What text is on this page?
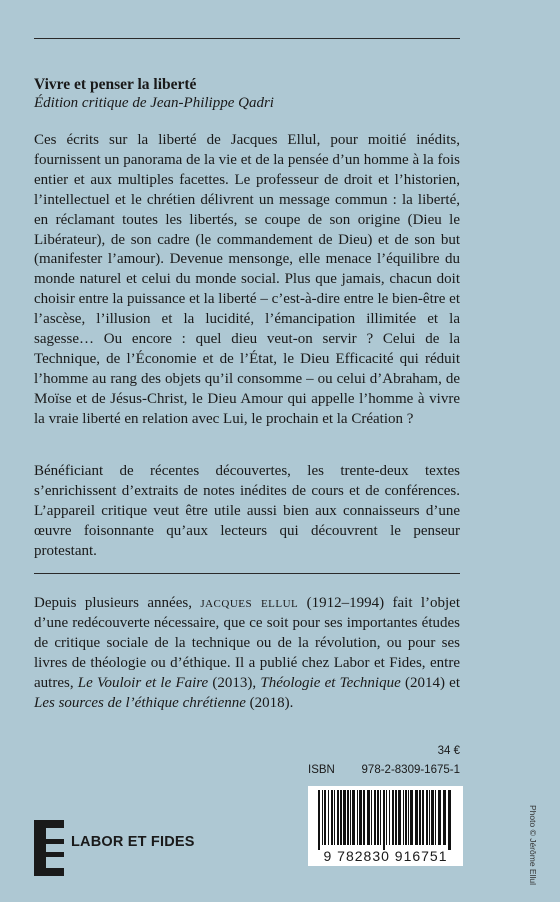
Vivre et penser la liberté
Édition critique de Jean-Philippe Qadri

Ces écrits sur la liberté de Jacques Ellul, pour moitié inédits, fournissent un panorama de la vie et de la pensée d’un homme à la fois entier et aux multiples facettes. Le professeur de droit et l’historien, l’intellectuel et le chrétien délivrent un message commun : la liberté, en réclamant toutes les libertés, se coupe de son origine (Dieu le Libérateur), de son cadre (le commandement de Dieu) et de son but (manifester l’amour). Devenue mensonge, elle menace l’équilibre du monde naturel et celui du monde social. Plus que jamais, chacun doit choisir entre la puissance et la liberté – c’est-à-dire entre le bien-être et l’ascèse, l’illusion et la lucidité, l’émancipation illimitée et la sagesse… Ou encore : quel dieu veut-on servir ? Celui de la Technique, de l’Économie et de l’État, le Dieu Efficacité qui réduit l’homme au rang des objets qu’il consomme – ou celui d’Abraham, de Moïse et de Jésus-Christ, le Dieu Amour qui appelle l’homme à vivre la vraie liberté en relation avec Lui, le prochain et la Création ?

Bénéficiant de récentes découvertes, les trente-deux textes s’enrichissent d’extraits de notes inédites de cours et de conférences. L’appareil critique veut être utile aussi bien aux connaisseurs d’une œuvre foisonnante qu’aux lecteurs qui découvrent le penseur protestant.

Depuis plusieurs années, jacques ellul (1912–1994) fait l’objet d’une redécouverte nécessaire, que ce soit pour ses importantes études de critique sociale de la technique ou de la révolution, ou pour ses livres de théologie ou d’éthique. Il a publié chez Labor et Fides, entre autres, Le Vouloir et le Faire (2013), Théologie et Technique (2014) et Les sources de l’éthique chrétienne (2018).

34 €
ISBN 978-2-8309-1675-1
9 782830 916751
LABOR ET FIDES	Photo © Jérôme Ellul
